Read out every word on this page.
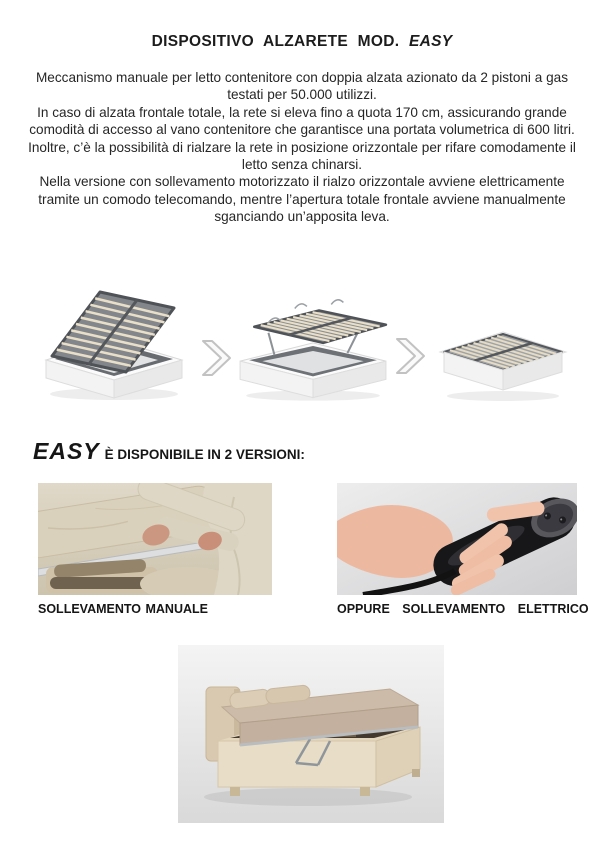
DISPOSITIVO ALZARETE MOD. EASY

Meccanismo manuale per letto contenitore con doppia alzata azionato da 2 pistoni a gas testati per 50.000 utilizzi.

In caso di alzata frontale totale, la rete si eleva fino a quota 170 cm, assicurando grande comodità di accesso al vano contenitore che garantisce una portata volumetrica di 600 litri.

Inoltre, c’è la possibilità di rialzare la rete in posizione orizzontale per rifare comodamente il letto senza chinarsi.

Nella versione con sollevamento motorizzato il rialzo orizzontale avviene elettricamente tramite un comodo telecomando, mentre l’apertura totale frontale avviene manualmente sganciando un’apposita leva.

EASY È DISPONIBILE IN 2 VERSIONI:
SOLLEVAMENTO MANUALE	OPPURE SOLLEVAMENTO ELETTRICO
